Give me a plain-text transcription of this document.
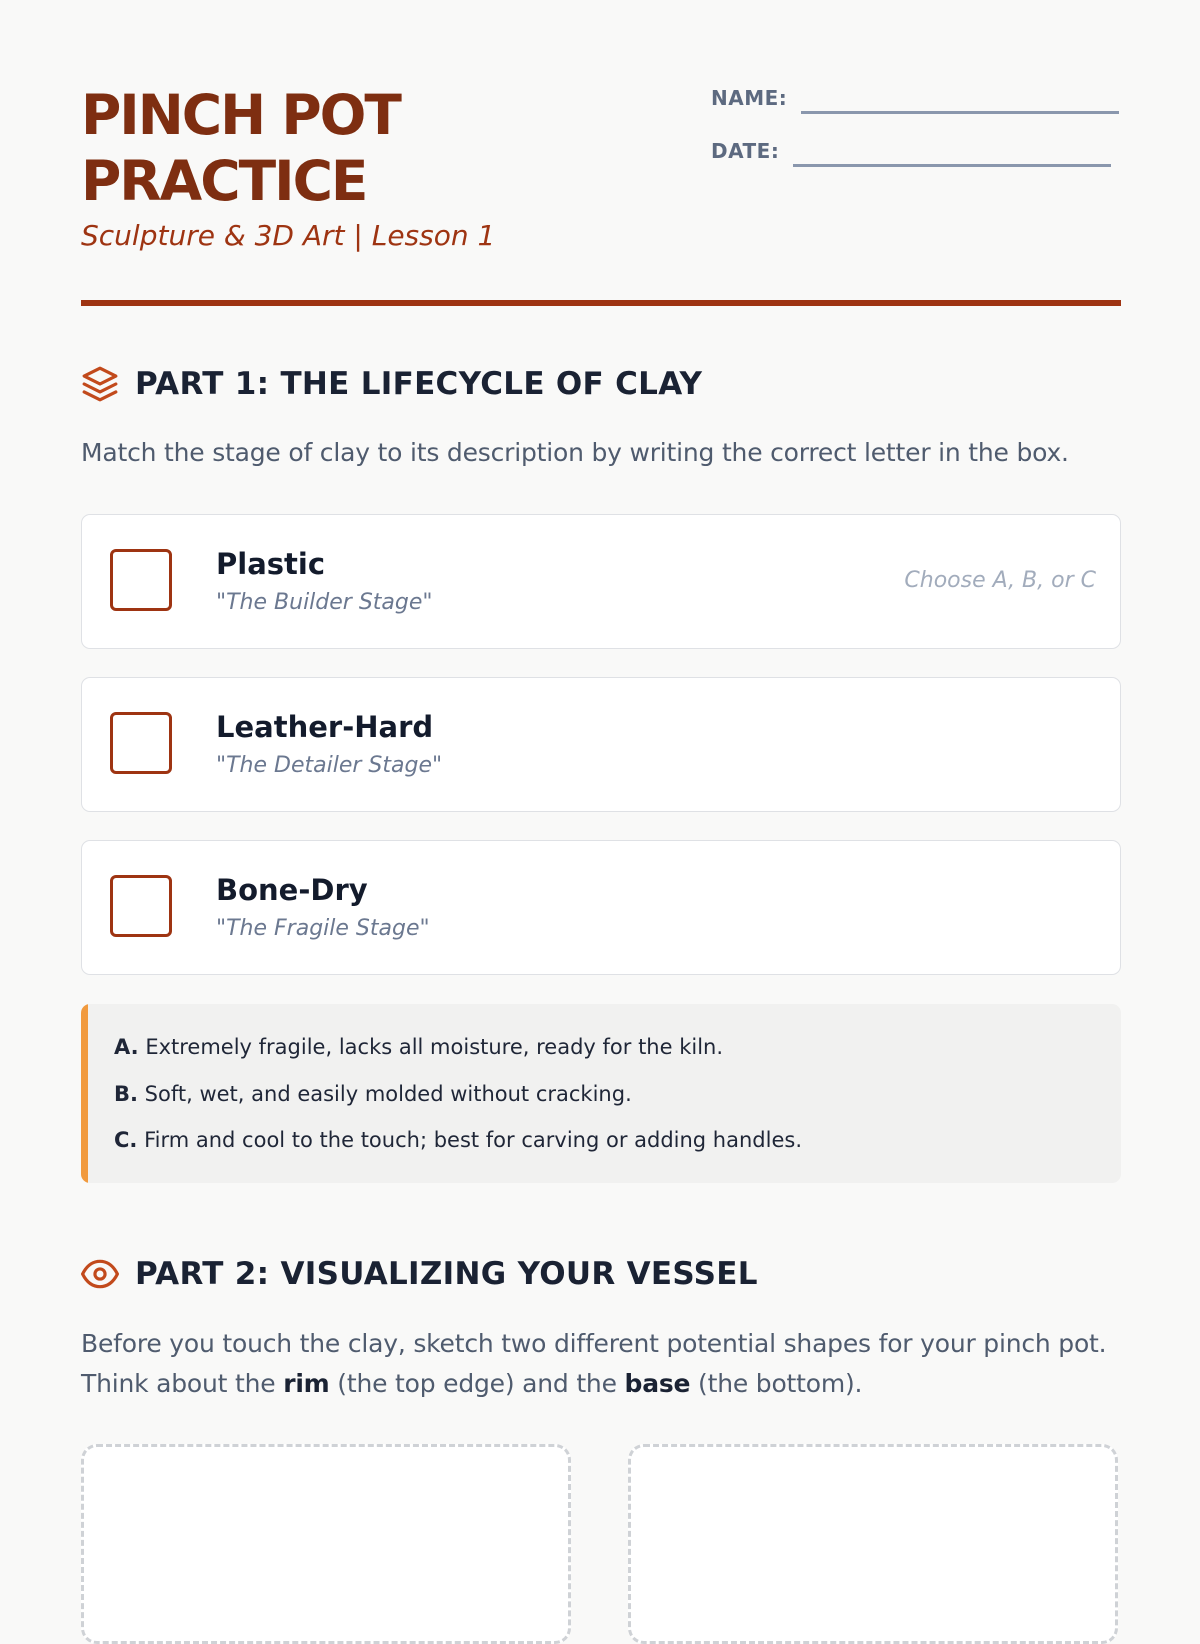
PINCH POT
PRACTICE
Sculpture & 3D Art | Lesson 1
NAME:
DATE:
PART 1: THE LIFECYCLE OF CLAY
Match the stage of clay to its description by writing the correct letter in the box.
Plastic
"The Builder Stage"
Choose A, B, or C
Leather-Hard
"The Detailer Stage"
Bone-Dry
"The Fragile Stage"
A. Extremely fragile, lacks all moisture, ready for the kiln.
B. Soft, wet, and easily molded without cracking.
C. Firm and cool to the touch; best for carving or adding handles.
PART 2: VISUALIZING YOUR VESSEL
Before you touch the clay, sketch two different potential shapes for your pinch pot.
Think about the rim (the top edge) and the base (the bottom).
